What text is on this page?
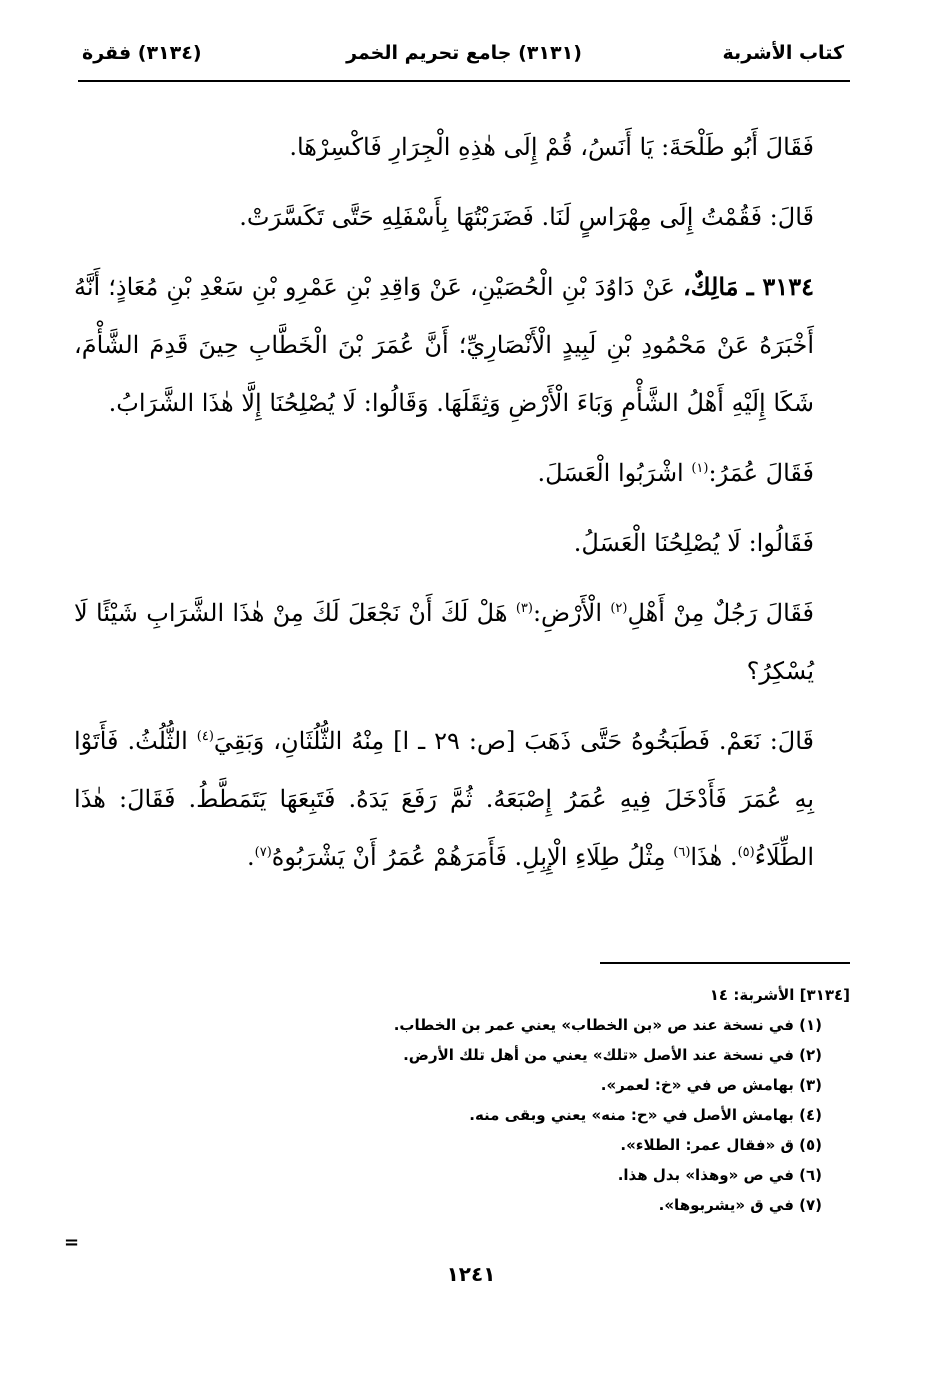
كتاب الأشربة
(٣١٣١) جامع تحريم الخمر
(٣١٣٤) فقرة

فَقَالَ أَبُو طَلْحَةَ: يَا أَنَسُ، قُمْ إِلَى هٰذِهِ الْجِرَارِ فَاكْسِرْهَا.

قَالَ: فَقُمْتُ إِلَى مِهْرَاسٍ لَنَا. فَضَرَبْتُهَا بِأَسْفَلِهِ حَتَّى تَكَسَّرَتْ.

٣١٣٤ ـ مَالِكٌ، عَنْ دَاوُدَ بْنِ الْحُصَيْنِ، عَنْ وَاقِدِ بْنِ عَمْرِو بْنِ سَعْدِ بْنِ مُعَاذٍ؛ أَنَّهُ أَخْبَرَهُ عَنْ مَحْمُودِ بْنِ لَبِيدٍ الْأَنْصَارِيِّ؛ أَنَّ عُمَرَ بْنَ الْخَطَّابِ حِينَ قَدِمَ الشَّأْمَ، شَكَا إِلَيْهِ أَهْلُ الشَّأْمِ وَبَاءَ الْأَرْضِ وَثِقَلَهَا. وَقَالُوا: لَا يُصْلِحُنَا إِلَّا هٰذَا الشَّرَابُ.

فَقَالَ عُمَرُ:$^{(١)}$ اشْرَبُوا الْعَسَلَ.

فَقَالُوا: لَا يُصْلِحُنَا الْعَسَلُ.

فَقَالَ رَجُلٌ مِنْ أَهْلِ$^{(٢)}$ الْأَرْضِ:$^{(٣)}$ هَلْ لَكَ أَنْ نَجْعَلَ لَكَ مِنْ هٰذَا الشَّرَابِ شَيْئًا لَا يُسْكِرُ؟

قَالَ: نَعَمْ. فَطَبَخُوهُ حَتَّى ذَهَبَ [ص: ٢٩ ـ ا] مِنْهُ الثُّلُثَانِ، وَبَقِيَ$^{(٤)}$ الثُّلُثُ. فَأَتَوْا بِهِ عُمَرَ فَأَدْخَلَ فِيهِ عُمَرُ إِصْبَعَهُ. ثُمَّ رَفَعَ يَدَهُ. فَتَبِعَهَا يَتَمَطَّطُ. فَقَالَ: هٰذَا الطِّلَاءُ$^{(٥)}$. هٰذَا$^{(٦)}$ مِثْلُ طِلَاءِ الْإِبِلِ. فَأَمَرَهُمْ عُمَرُ أَنْ يَشْرَبُوهُ$^{(٧)}$.

[٣١٣٤] الأشربة: ١٤
(١) في نسخة عند ص «بن الخطاب» يعني عمر بن الخطاب.
(٢) في نسخة عند الأصل «تلك» يعني من أهل تلك الأرض.
(٣) بهامش ص في «خ: لعمر».
(٤) بهامش الأصل في «ح: منه» يعني وبقى منه.
(٥) ق «فقال عمر: الطلاء».
(٦) في ص «وهذا» بدل هذا.
(٧) في ق «يشربوها».
=
١٢٤١
